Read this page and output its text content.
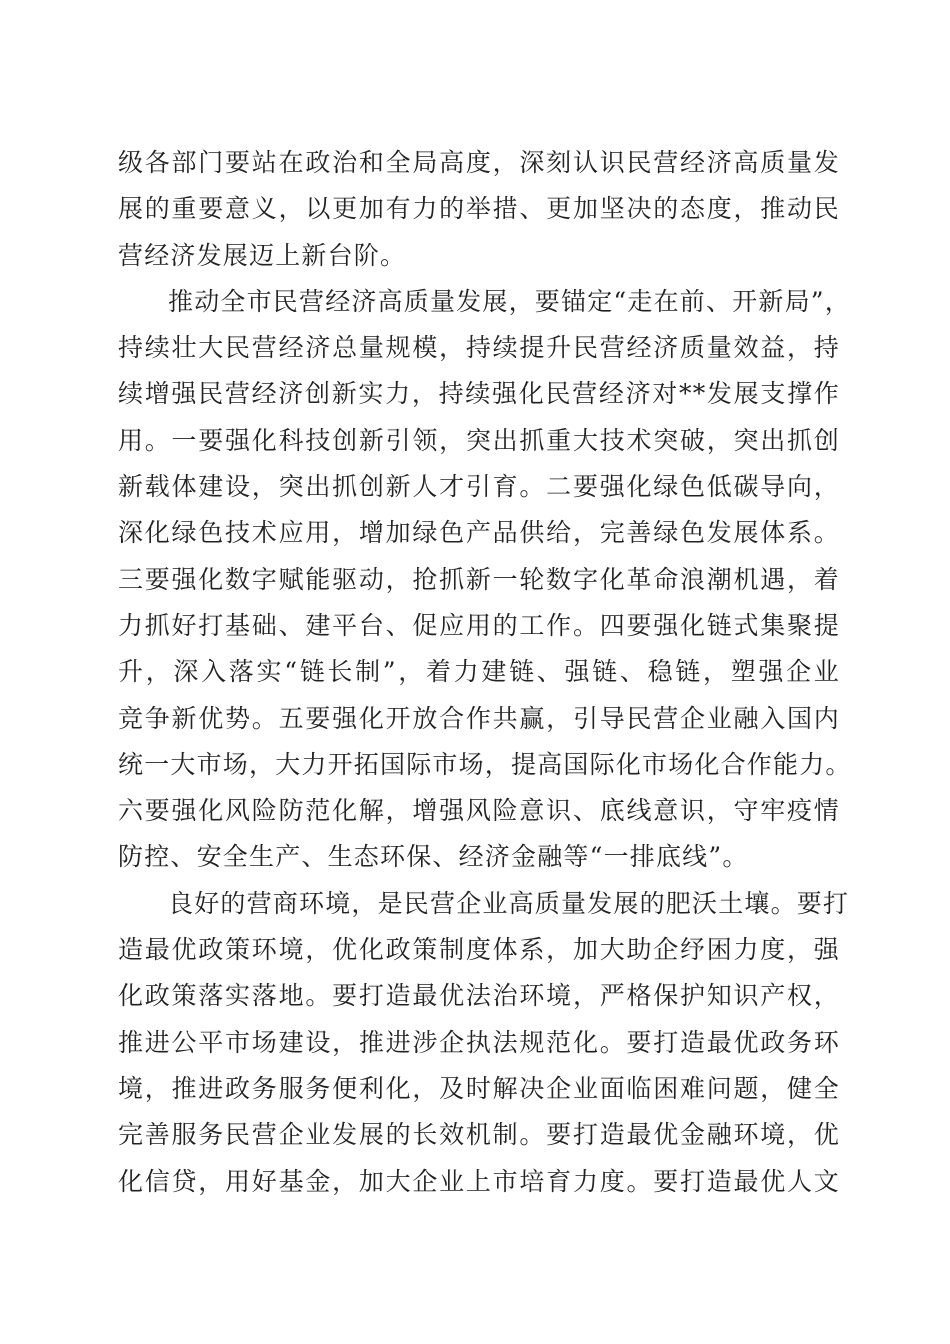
级各部门要站在政治和全局高度，深刻认识民营经济高质量发
展的重要意义，以更加有力的举措、更加坚决的态度，推动民
营经济发展迈上新台阶。

推动全市民营经济高质量发展，要锚定“走在前、开新局”，
持续壮大民营经济总量规模，持续提升民营经济质量效益，持
续增强民营经济创新实力，持续强化民营经济对**发展支撑作
用。一要强化科技创新引领，突出抓重大技术突破，突出抓创
新载体建设，突出抓创新人才引育。二要强化绿色低碳导向，
深化绿色技术应用，增加绿色产品供给，完善绿色发展体系。
三要强化数字赋能驱动，抢抓新一轮数字化革命浪潮机遇，着
力抓好打基础、建平台、促应用的工作。四要强化链式集聚提
升，深入落实“链长制”，着力建链、强链、稳链，塑强企业
竞争新优势。五要强化开放合作共赢，引导民营企业融入国内
统一大市场，大力开拓国际市场，提高国际化市场化合作能力。
六要强化风险防范化解，增强风险意识、底线意识，守牢疫情
防控、安全生产、生态环保、经济金融等“一排底线”。

良好的营商环境，是民营企业高质量发展的肥沃土壤。要打
造最优政策环境，优化政策制度体系，加大助企纾困力度，强
化政策落实落地。要打造最优法治环境，严格保护知识产权，
推进公平市场建设，推进涉企执法规范化。要打造最优政务环
境，推进政务服务便利化，及时解决企业面临困难问题，健全
完善服务民营企业发展的长效机制。要打造最优金融环境，优
化信贷，用好基金，加大企业上市培育力度。要打造最优人文
